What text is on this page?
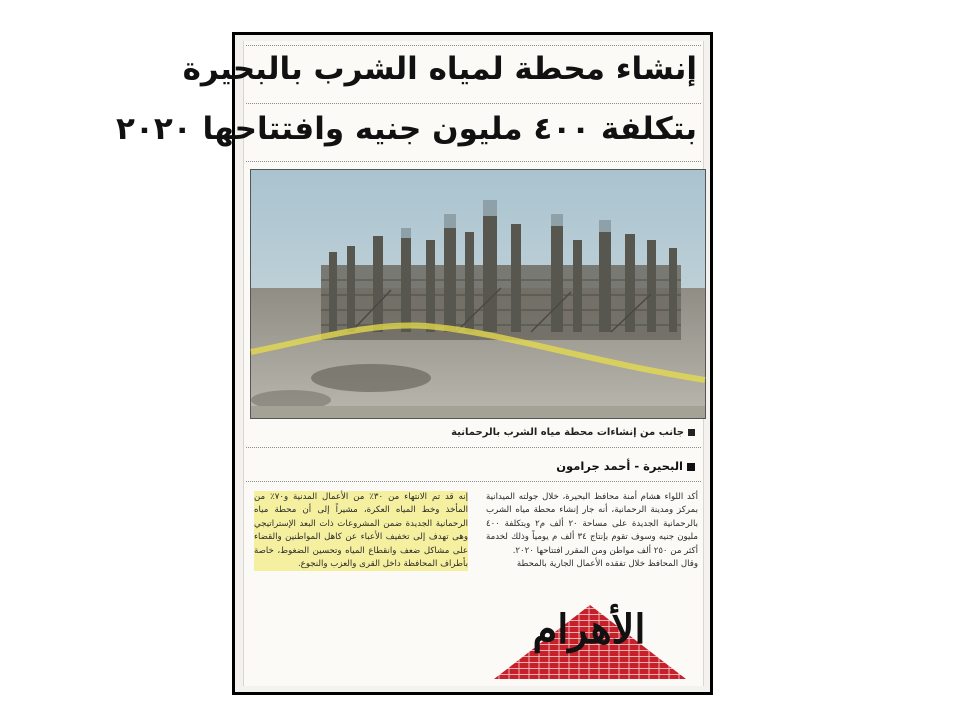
إنشاء محطة لمياه الشرب بالبحيرة
بتكلفة ٤٠٠ مليون جنيه وافتتاحها ٢٠٢٠
جانب من إنشاءات محطة مياه الشرب بالرحمانية
البحيرة - أحمد جرامون

أكد اللواء هشام أمنة محافظ البحيرة، خلال جولته الميدانية بمركز ومدينة الرحمانية، أنه جار إنشاء محطة مياه الشرب بالرحمانية الجديدة على مساحة ٢٠ ألف م٢ وبتكلفة ٤٠٠ مليون جنيه وسوف تقوم بإنتاج ٣٤ ألف م يومياً وذلك لخدمة أكثر من ٢٥٠ ألف مواطن ومن المقرر افتتاحها ٢٠٢٠.

وقال المحافظ خلال تفقده الأعمال الجارية بالمحطة

إنه قد تم الانتهاء من ٣٠٪ من الأعمال المدنية و٧٠٪ من المأخذ وخط المياه العكرة، مشيراً إلى أن محطة مياه الرحمانية الجديدة ضمن المشروعات ذات البعد الإستراتيجي وهى تهدف إلى تخفيف الأعباء عن كاهل المواطنين والقضاء على مشاكل ضعف وانقطاع المياه وتحسين الضغوط، خاصة بأطراف المحافظة داخل القرى والعزب والنجوع.

الأهرام
